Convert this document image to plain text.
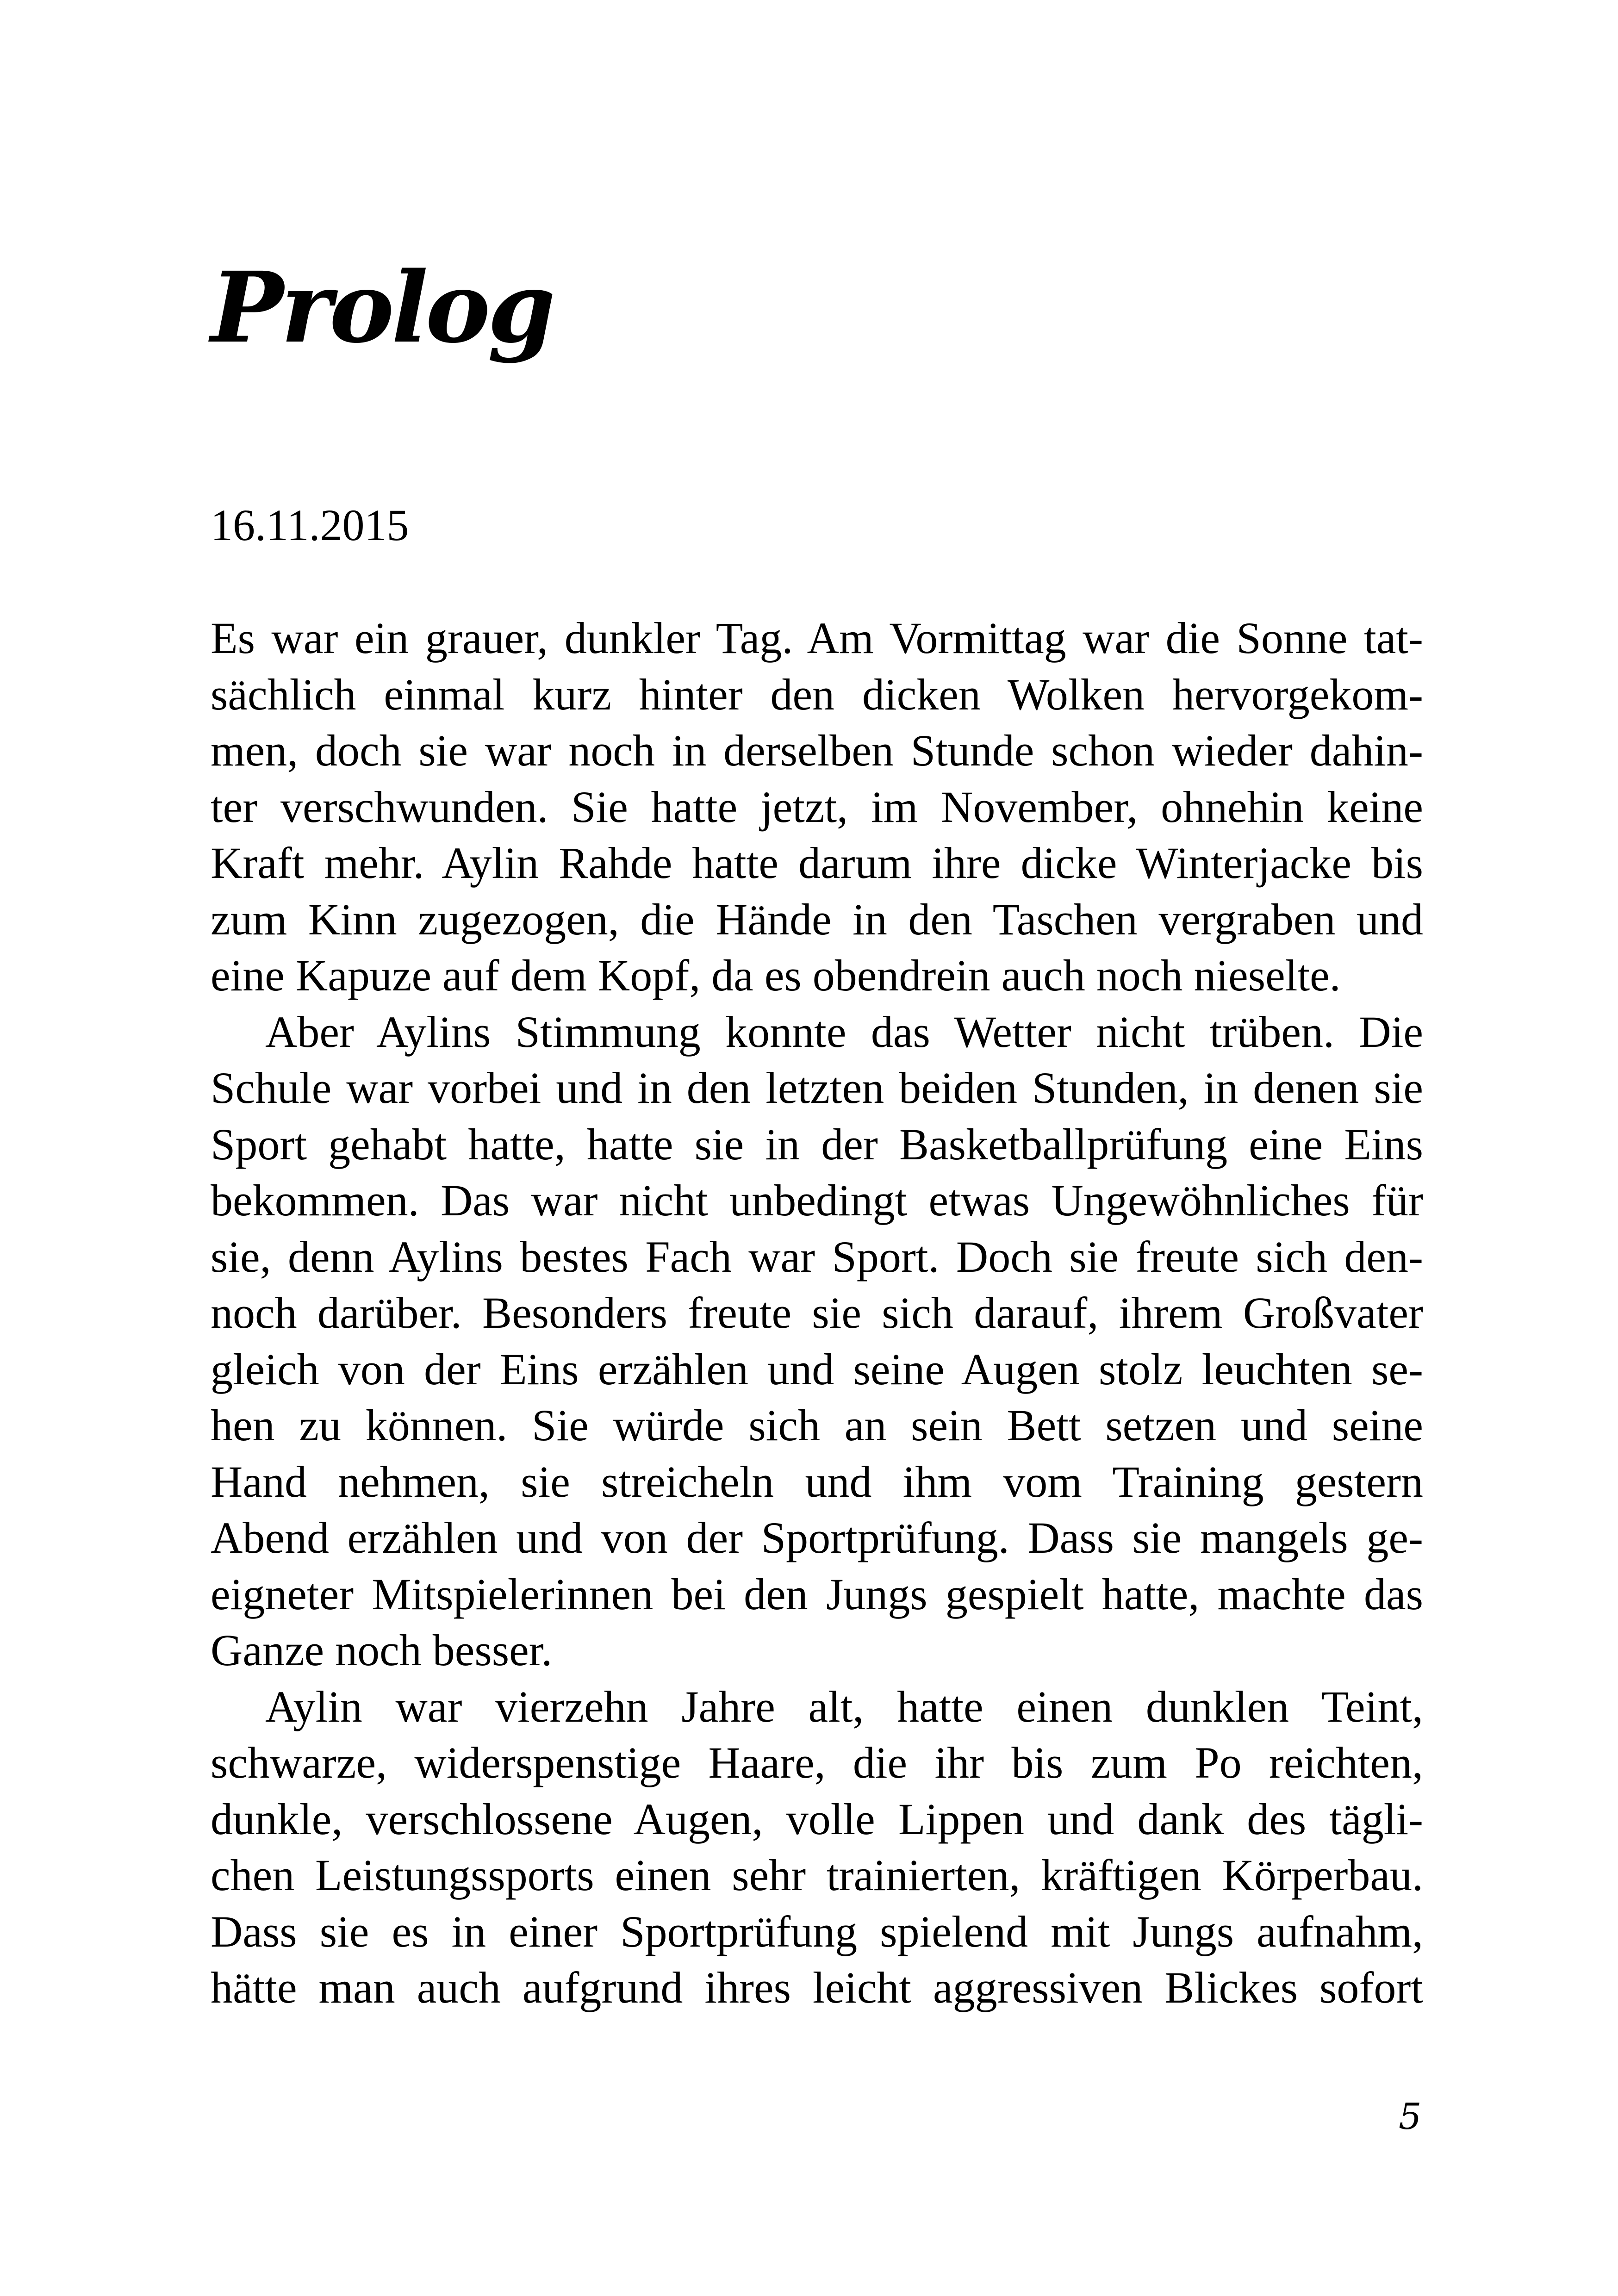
Prolog
16.11.2015

Es war ein grauer, dunkler Tag. Am Vormittag war die Sonne tat-
sächlich einmal kurz hinter den dicken Wolken hervorgekom-
men, doch sie war noch in derselben Stunde schon wieder dahin-
ter verschwunden. Sie hatte jetzt, im November, ohnehin keine
Kraft mehr. Aylin Rahde hatte darum ihre dicke Winterjacke bis
zum Kinn zugezogen, die Hände in den Taschen vergraben und
eine Kapuze auf dem Kopf, da es obendrein auch noch nieselte.

Aber Aylins Stimmung konnte das Wetter nicht trüben. Die
Schule war vorbei und in den letzten beiden Stunden, in denen sie
Sport gehabt hatte, hatte sie in der Basketballprüfung eine Eins
bekommen. Das war nicht unbedingt etwas Ungewöhnliches für
sie, denn Aylins bestes Fach war Sport. Doch sie freute sich den-
noch darüber. Besonders freute sie sich darauf, ihrem Großvater
gleich von der Eins erzählen und seine Augen stolz leuchten se-
hen zu können. Sie würde sich an sein Bett setzen und seine
Hand nehmen, sie streicheln und ihm vom Training gestern
Abend erzählen und von der Sportprüfung. Dass sie mangels ge-
eigneter Mitspielerinnen bei den Jungs gespielt hatte, machte das
Ganze noch besser.

Aylin war vierzehn Jahre alt, hatte einen dunklen Teint,
schwarze, widerspenstige Haare, die ihr bis zum Po reichten,
dunkle, verschlossene Augen, volle Lippen und dank des tägli-
chen Leistungssports einen sehr trainierten, kräftigen Körperbau.
Dass sie es in einer Sportprüfung spielend mit Jungs aufnahm,
hätte man auch aufgrund ihres leicht aggressiven Blickes sofort

5
